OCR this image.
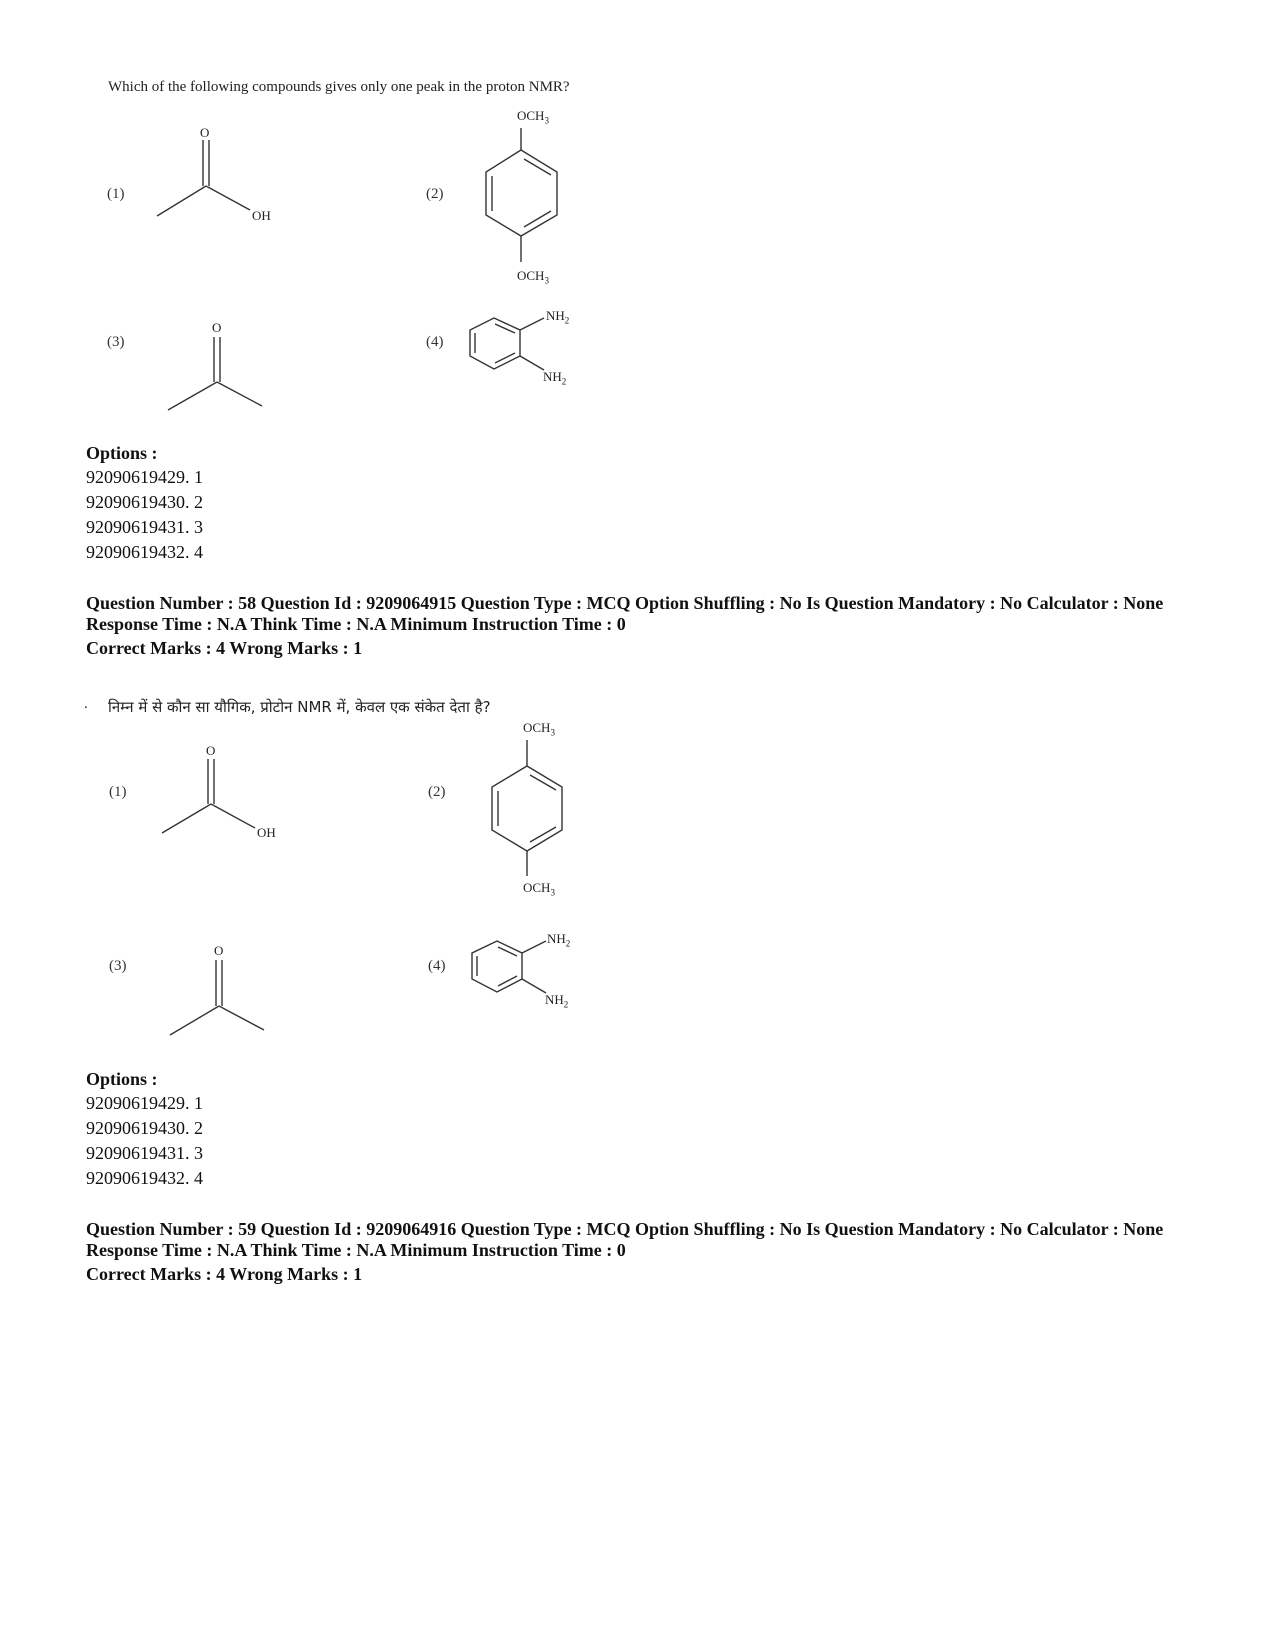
Which of the following compounds gives only one peak in the proton NMR?
(1)
O
OH
(2)
$OCH_3$
$OCH_3$
(3)
O
(4)
$NH_2$
$NH_2$
Options :
92090619429. 1
92090619430. 2
92090619431. 3
92090619432. 4
Question Number : 58 Question Id : 9209064915 Question Type : MCQ Option Shuffling : No Is Question Mandatory : No Calculator : None
Response Time : N.A Think Time : N.A Minimum Instruction Time : 0
Correct Marks : 4 Wrong Marks : 1
. निम्न में से कौन सा यौगिक, प्रोटोन NMR में, केवल एक संकेत देता है?
(1)
O
OH
(2)
$OCH_3$
$OCH_3$
(3)
O
(4)
$NH_2$
$NH_2$
Options :
92090619429. 1
92090619430. 2
92090619431. 3
92090619432. 4
Question Number : 59 Question Id : 9209064916 Question Type : MCQ Option Shuffling : No Is Question Mandatory : No Calculator : None
Response Time : N.A Think Time : N.A Minimum Instruction Time : 0
Correct Marks : 4 Wrong Marks : 1
